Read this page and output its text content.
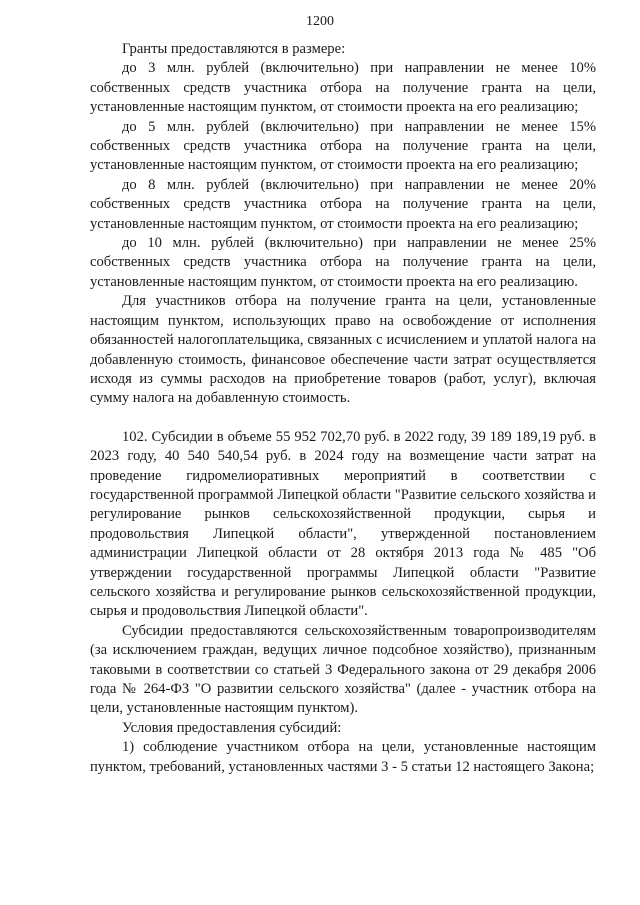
1200

Гранты предоставляются в размере:

до 3 млн. рублей (включительно) при направлении не менее 10% собственных средств участника отбора на получение гранта на цели, установленные настоящим пунктом, от стоимости проекта на его реализацию;

до 5 млн. рублей (включительно) при направлении не менее 15% собственных средств участника отбора на получение гранта на цели, установленные настоящим пунктом, от стоимости проекта на его реализацию;

до 8 млн. рублей (включительно) при направлении не менее 20% собственных средств участника отбора на получение гранта на цели, установленные настоящим пунктом, от стоимости проекта на его реализацию;

до 10 млн. рублей (включительно) при направлении не менее 25% собственных средств участника отбора на получение гранта на цели, установленные настоящим пунктом, от стоимости проекта на его реализацию.

Для участников отбора на получение гранта на цели, установленные настоящим пунктом, использующих право на освобождение от исполнения обязанностей налогоплательщика, связанных с исчислением и уплатой налога на добавленную стоимость, финансовое обеспечение части затрат осуществляется исходя из суммы расходов на приобретение товаров (работ, услуг), включая сумму налога на добавленную стоимость.

102. Субсидии в объеме 55 952 702,70 руб. в 2022 году, 39 189 189,19 руб. в 2023 году, 40 540 540,54 руб. в 2024 году на возмещение части затрат на проведение гидромелиоративных мероприятий в соответствии с государственной программой Липецкой области "Развитие сельского хозяйства и регулирование рынков сельскохозяйственной продукции, сырья и продовольствия Липецкой области", утвержденной постановлением администрации Липецкой области от 28 октября 2013 года № 485 "Об утверждении государственной программы Липецкой области "Развитие сельского хозяйства и регулирование рынков сельскохозяйственной продукции, сырья и продовольствия Липецкой области".

Субсидии предоставляются сельскохозяйственным товаропроизводителям (за исключением граждан, ведущих личное подсобное хозяйство), признанным таковыми в соответствии со статьей 3 Федерального закона от 29 декабря 2006 года № 264-ФЗ "О развитии сельского хозяйства" (далее - участник отбора на цели, установленные настоящим пунктом).

Условия предоставления субсидий:

1) соблюдение участником отбора на цели, установленные настоящим пунктом, требований, установленных частями 3 - 5 статьи 12 настоящего Закона;
